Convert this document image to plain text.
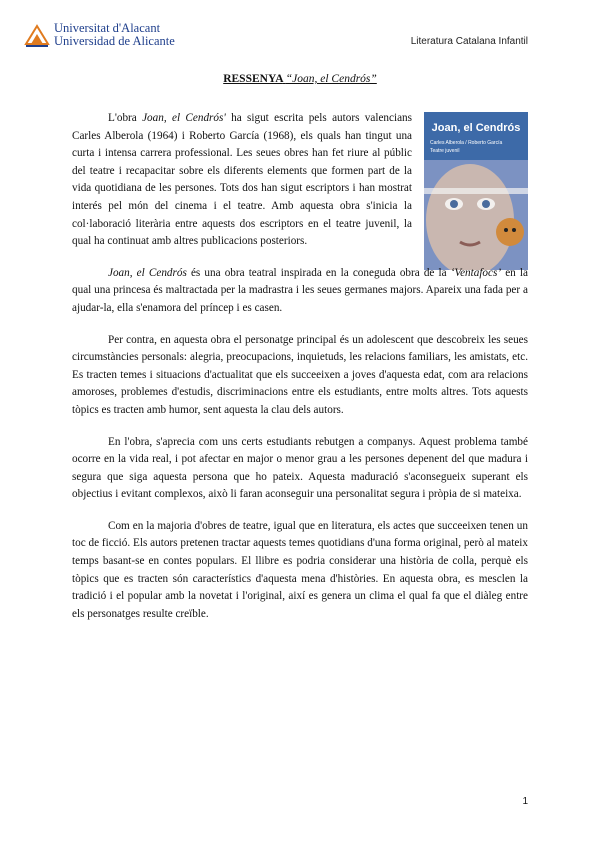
Universitat d'Alacant
Universidad de Alicante	Literatura Catalana Infantil
RESSENYA “Joan, el Cendrós”
Joan, el Cendrós
Carles Alberola / Roberto García
Teatre juvenil

L'obra Joan, el Cendrós' ha sigut escrita pels autors valencians Carles Alberola (1964) i Roberto García (1968), els quals han tingut una curta i intensa carrera professional. Les seues obres han fet riure al públic del teatre i recapacitar sobre els diferents elements que formen part de la vida quotidiana de les persones. Tots dos han sigut escriptors i han mostrat interés pel món del cinema i el teatre. Amb aquesta obra s'inicia la col·laboració literària entre aquests dos escriptors en el teatre juvenil, la qual ha continuat amb altres publicacions posteriors.

Joan, el Cendrós és una obra teatral inspirada en la coneguda obra de la ‘Ventafocs’ en la qual una princesa és maltractada per la madrastra i les seues germanes majors. Apareix una fada per a ajudar-la, ella s'enamora del príncep i es casen.

Per contra, en aquesta obra el personatge principal és un adolescent que descobreix les seues circumstàncies personals: alegria, preocupacions, inquietuds, les relacions familiars, les amistats, etc. Es tracten temes i situacions d'actualitat que els succeeixen a joves d'aquesta edat, com ara relacions amoroses, problemes d'estudis, discriminacions entre els estudiants, entre molts altres. Tots aquests tòpics es tracten amb humor, sent aquesta la clau dels autors.

En l'obra, s'aprecia com uns certs estudiants rebutgen a companys. Aquest problema també ocorre en la vida real, i pot afectar en major o menor grau a les persones depenent del que madura i segura que siga aquesta persona que ho pateix. Aquesta maduració s'aconsegueix superant els objectius i evitant complexos, això li faran aconseguir una personalitat segura i pròpia de si mateixa.

Com en la majoria d'obres de teatre, igual que en literatura, els actes que succeeixen tenen un toc de ficció. Els autors pretenen tractar aquests temes quotidians d'una forma original, però al mateix temps basant-se en contes populars. El llibre es podria considerar una història de colla, perquè els tòpics que es tracten són característics d'aquesta mena d'històries. En aquesta obra, es mesclen la tradició i el popular amb la novetat i l'original, així es genera un clima el qual fa que el diàleg entre els personatges resulte creïble.

1
